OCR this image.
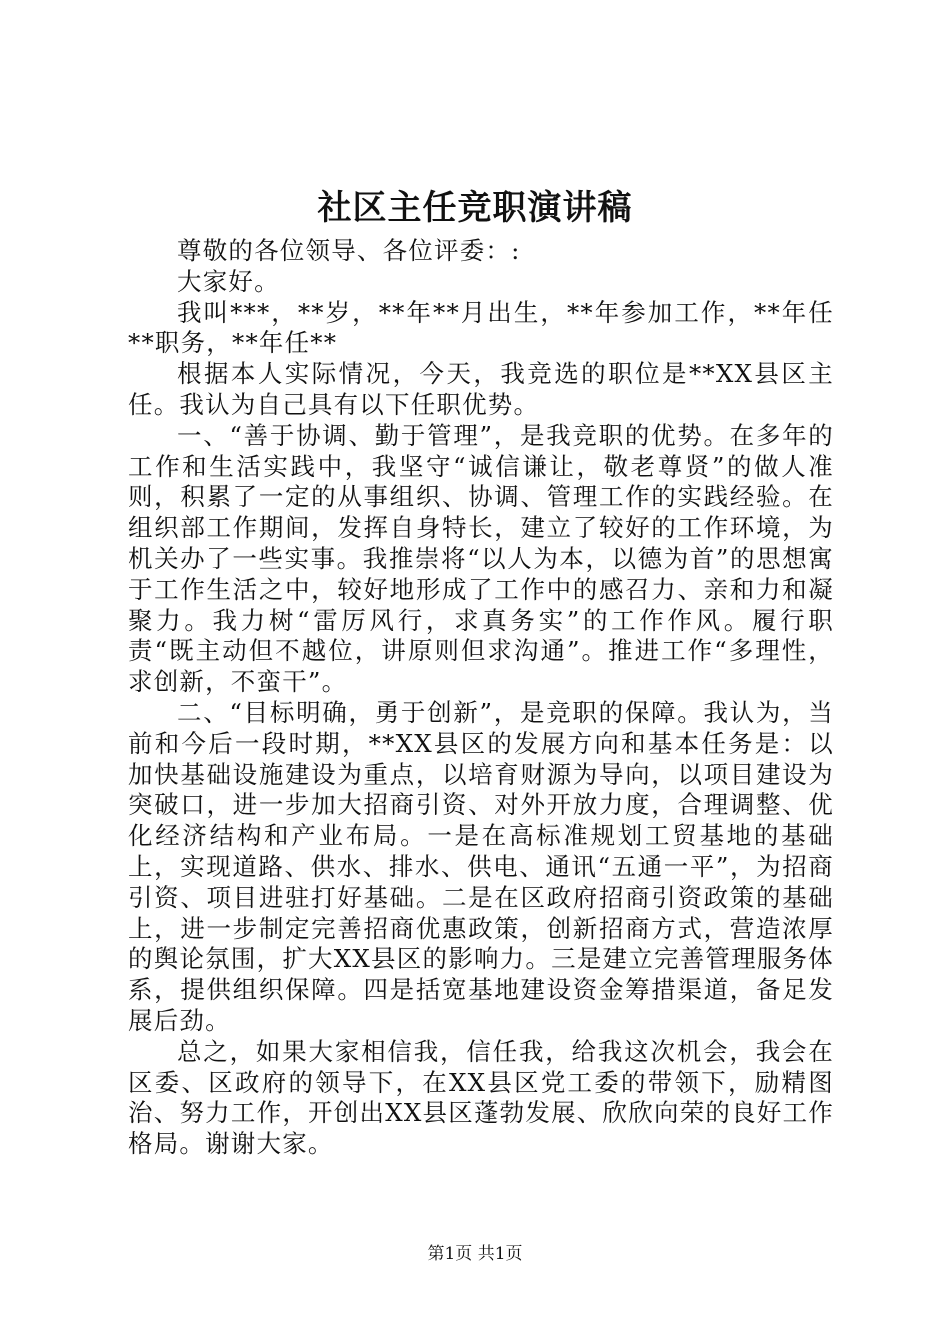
社区主任竞职演讲稿

尊敬的各位领导、各位评委：:

大家好。

我叫***，**岁，**年**月出生，**年参加工作，**年任**职务，**年任**

根据本人实际情况，今天，我竞选的职位是**XX县区主任。我认为自己具有以下任职优势。

一、“善于协调、勤于管理”，是我竞职的优势。在多年的工作和生活实践中，我坚守“诚信谦让，敬老尊贤”的做人准则，积累了一定的从事组织、协调、管理工作的实践经验。在组织部工作期间，发挥自身特长，建立了较好的工作环境，为机关办了一些实事。我推崇将“以人为本，以德为首”的思想寓于工作生活之中，较好地形成了工作中的感召力、亲和力和凝聚力。我力树“雷厉风行，求真务实”的工作作风。履行职责“既主动但不越位，讲原则但求沟通”。推进工作“多理性，求创新，不蛮干”。

二、“目标明确，勇于创新”，是竞职的保障。我认为，当前和今后一段时期，**XX县区的发展方向和基本任务是：以加快基础设施建设为重点，以培育财源为导向，以项目建设为突破口，进一步加大招商引资、对外开放力度，合理调整、优化经济结构和产业布局。一是在高标准规划工贸基地的基础上，实现道路、供水、排水、供电、通讯“五通一平”，为招商引资、项目进驻打好基础。二是在区政府招商引资政策的基础上，进一步制定完善招商优惠政策，创新招商方式，营造浓厚的舆论氛围，扩大XX县区的影响力。三是建立完善管理服务体系，提供组织保障。四是括宽基地建设资金筹措渠道，备足发展后劲。

总之，如果大家相信我，信任我，给我这次机会，我会在区委、区政府的领导下，在XX县区党工委的带领下，励精图治、努力工作，开创出XX县区蓬勃发展、欣欣向荣的良好工作格局。谢谢大家。

第1页 共1页
